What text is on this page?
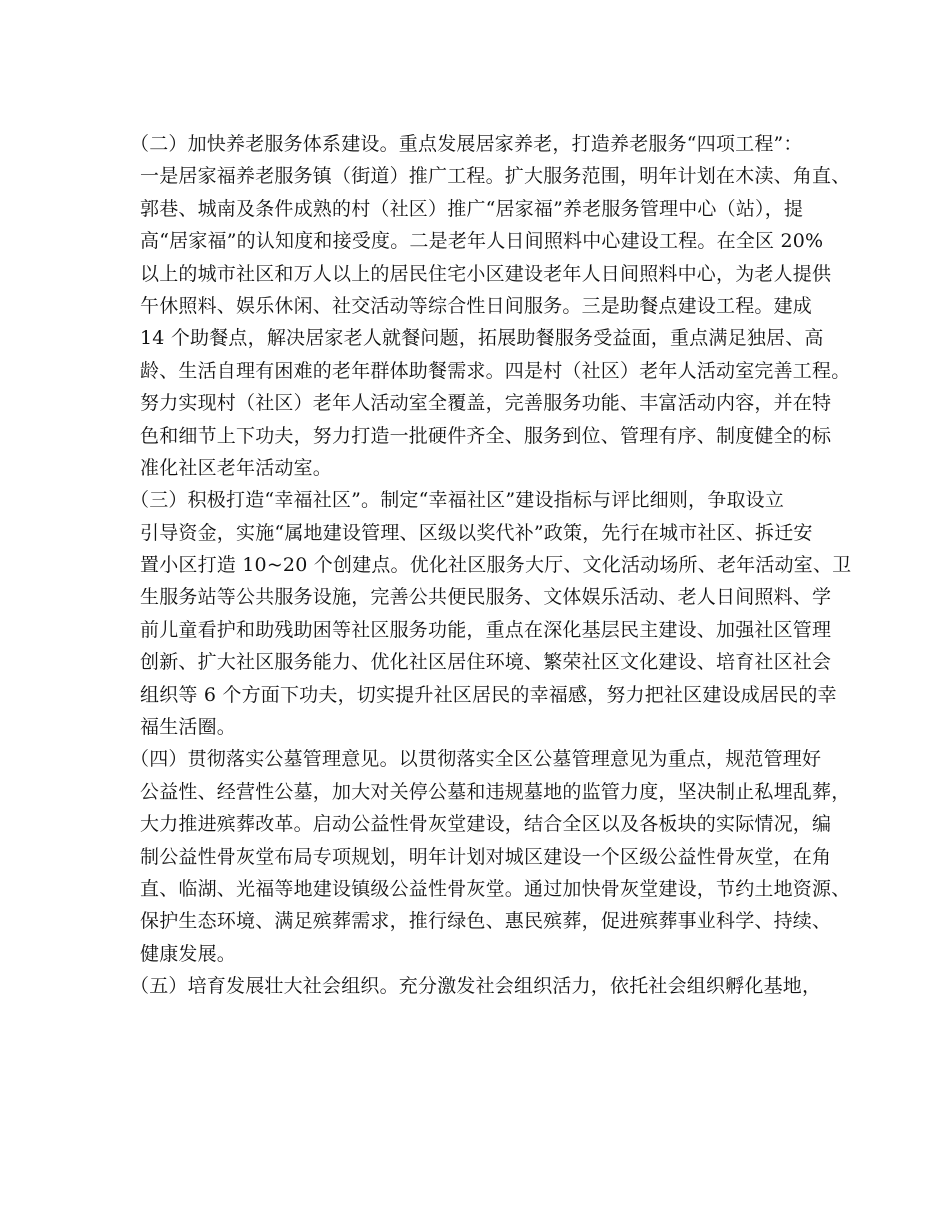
（二）加快养老服务体系建设。重点发展居家养老，打造养老服务“四项工程”：
一是居家福养老服务镇（街道）推广工程。扩大服务范围，明年计划在木渎、角直、
郭巷、城南及条件成熟的村（社区）推广“居家福”养老服务管理中心（站），提
高“居家福”的认知度和接受度。二是老年人日间照料中心建设工程。在全区 20%
以上的城市社区和万人以上的居民住宅小区建设老年人日间照料中心，为老人提供
午休照料、娱乐休闲、社交活动等综合性日间服务。三是助餐点建设工程。建成
14 个助餐点，解决居家老人就餐问题，拓展助餐服务受益面，重点满足独居、高
龄、生活自理有困难的老年群体助餐需求。四是村（社区）老年人活动室完善工程。
努力实现村（社区）老年人活动室全覆盖，完善服务功能、丰富活动内容，并在特
色和细节上下功夫，努力打造一批硬件齐全、服务到位、管理有序、制度健全的标
准化社区老年活动室。
（三）积极打造“幸福社区”。制定“幸福社区”建设指标与评比细则，争取设立
引导资金，实施“属地建设管理、区级以奖代补”政策，先行在城市社区、拆迁安
置小区打造 10~20 个创建点。优化社区服务大厅、文化活动场所、老年活动室、卫
生服务站等公共服务设施，完善公共便民服务、文体娱乐活动、老人日间照料、学
前儿童看护和助残助困等社区服务功能，重点在深化基层民主建设、加强社区管理
创新、扩大社区服务能力、优化社区居住环境、繁荣社区文化建设、培育社区社会
组织等 6 个方面下功夫，切实提升社区居民的幸福感，努力把社区建设成居民的幸
福生活圈。
（四）贯彻落实公墓管理意见。以贯彻落实全区公墓管理意见为重点，规范管理好
公益性、经营性公墓，加大对关停公墓和违规墓地的监管力度，坚决制止私埋乱葬，
大力推进殡葬改革。启动公益性骨灰堂建设，结合全区以及各板块的实际情况，编
制公益性骨灰堂布局专项规划，明年计划对城区建设一个区级公益性骨灰堂，在角
直、临湖、光福等地建设镇级公益性骨灰堂。通过加快骨灰堂建设，节约土地资源、
保护生态环境、满足殡葬需求，推行绿色、惠民殡葬，促进殡葬事业科学、持续、
健康发展。
（五）培育发展壮大社会组织。充分激发社会组织活力，依托社会组织孵化基地，
